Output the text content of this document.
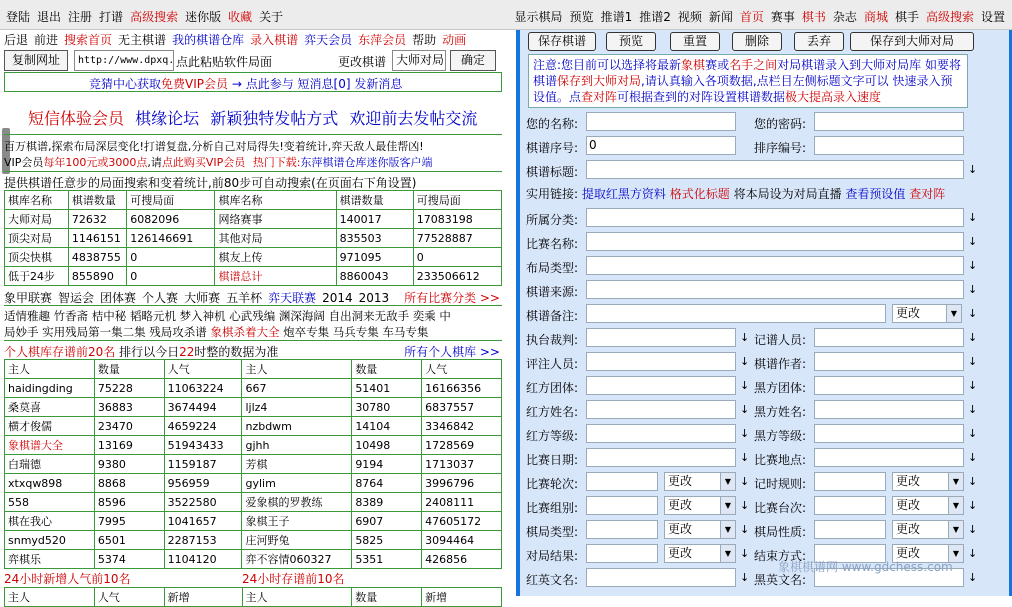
登陆 退出 注册 打谱 高级搜索 迷你版 收藏 关于	显示棋局 预览 推谱1 推谱2 视频 新闻 首页 赛事 棋书 杂志 商城 棋手 高级搜索 设置
后退 前进 搜索首页 无主棋谱 我的棋谱仓库 录入棋谱 弈天会员 东萍会员 帮助 动画
复制网址	http://www.dpxq. 点此粘贴软件局面	更改棋谱 大师对局	确定
竞猜中心获取免费VIP会员 → 点此参与 短消息[0] 发新消息
短信体验会员 棋缘论坛 新颖独特发帖方式 欢迎前去发帖交流
百万棋谱,探索布局深层变化!打谱复盘,分析自己对局得失!变着统计,弈天敌人最佳帮凶!
VIP会员每年100元或3000点,请点此购买VIP会员 热门下载:东萍棋谱仓库迷你版客户端
提供棋谱任意步的局面搜索和变着统计,前80步可自动搜索(在页面右下角设置)
棋库名称	棋谱数量	可搜局面	棋库名称	棋谱数量	可搜局面
大师对局	72632	6082096	网络赛事	140017	17083198
顶尖对局	1146151	126146691	其他对局	835503	77528887
顶尖快棋	4838755	0	棋友上传	971095	0
低于24步	855890	0	棋谱总计	8860043	233506612
象甲联赛 智运会 团体赛 个人赛 大师赛 五羊杯 弈天联赛 2014 2013	所有比赛分类 >>
适情雅趣 竹香斋 桔中秘 韬略元机 梦入神机 心武残编 渊深海阔 自出洞来无敌手 奕乘 中
局妙手 实用残局第一集二集 残局攻杀谱 象棋杀着大全 炮卒专集 马兵专集 车马专集
个人棋库存谱前20名 排行以今日22时整的数据为准	所有个人棋库 >>
主人	数量	人气	主人	数量	人气
haidingding	75228	11063224	667	51401	16166356
桑莫喜	36883	3674494	ljlz4	30780	6837557
横才俊儒	23470	4659224	nzbdwm	14104	3346842
象棋谱大全	13169	51943433	gjhh	10498	1728569
白瑞德	9380	1159187	芳棋	9194	1713037
xtxqw898	8868	956959	gylim	8764	3996796
558	8596	3522580	爱象棋的罗教练	8389	2408111
棋在我心	7995	1041657	象棋王子	6907	47605172
snmyd520	6501	2287153	庄河野兔	5825	3094464
弈棋乐	5374	1104120	弈不容情060327	5351	426856
24小时新增人气前10名	24小时存谱前10名
主人	人气	新增	主人	数量	新增
保存棋谱	预览	重置	删除	丢弃	保存到大师对局
注意:您目前可以选择将最新象棋赛或名手之间对局棋谱录入到大师对局库 如要将棋谱保存到大师对局,请认真输入各项数据,点栏目左侧标题文字可以 快速录入预设值。点查对阵可根据查到的对阵设置棋谱数据极大提高录入速度
您的名称:	您的密码:
棋谱序号: 0	排序编号:
棋谱标题:	↓
实用链接: 提取红黑方资料 格式化标题 将本局设为对局直播 查看预设值 查对阵
所属分类:	↓
比赛名称:	↓
布局类型:	↓
棋谱来源:	↓
棋谱备注:	更改	▼ ↓
执台裁判:	↓ 记谱人员:	↓
评注人员:	↓ 棋谱作者:	↓
红方团体:	↓ 黑方团体:	↓
红方姓名:	↓ 黑方姓名:	↓
红方等级:	↓ 黑方等级:	↓
比赛日期:	↓ 比赛地点:	↓
比赛轮次:	更改	▼ ↓ 记时规则:	更改	▼ ↓
比赛组别:	更改	▼ ↓ 比赛台次:	更改	▼ ↓
棋局类型:	更改	▼ ↓ 棋局性质:	更改	▼ ↓
对局结果:	更改	▼ ↓ 结束方式:	更改	▼ ↓
红英文名:	↓ 黑英文名:	↓
象棋棋谱网 www.gdchess.com
